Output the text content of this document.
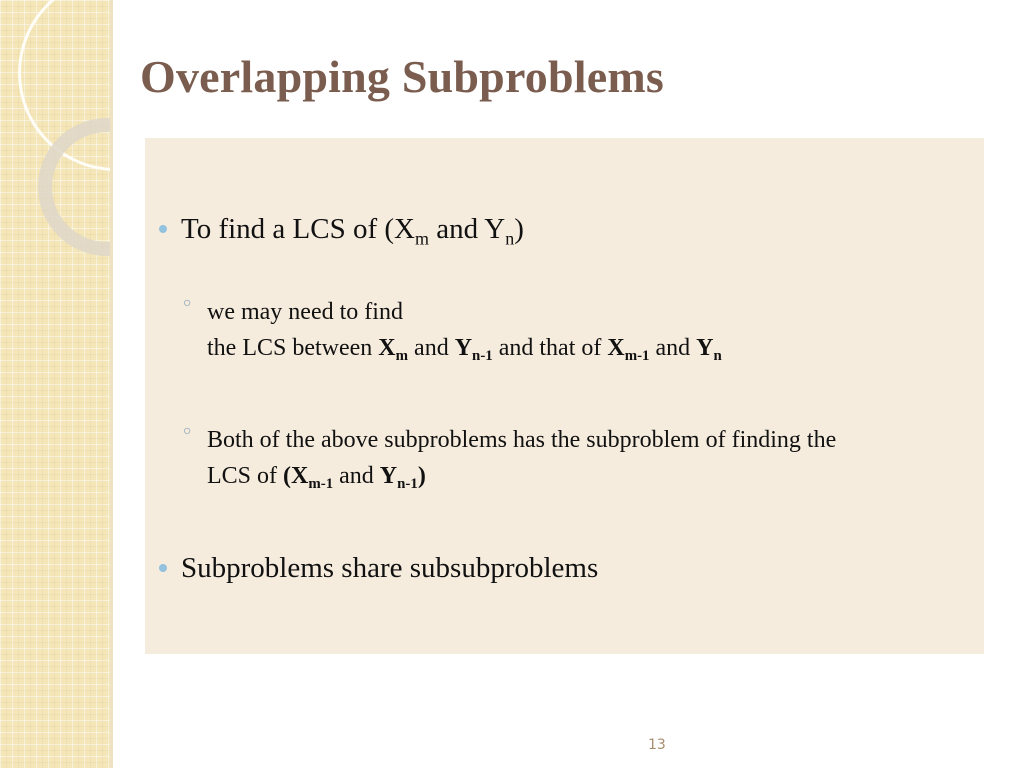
Overlapping Subproblems
To find a LCS of ($X_m$ and $Y_n$)
○ we may need to find
the LCS between $X_m$ and $Y_{n-1}$ and that of $X_{m-1}$ and $Y_n$
○ Both of the above subproblems has the subproblem of finding the
LCS of ($X_{m-1}$ and $Y_{n-1}$)
Subproblems share subsubproblems
13
